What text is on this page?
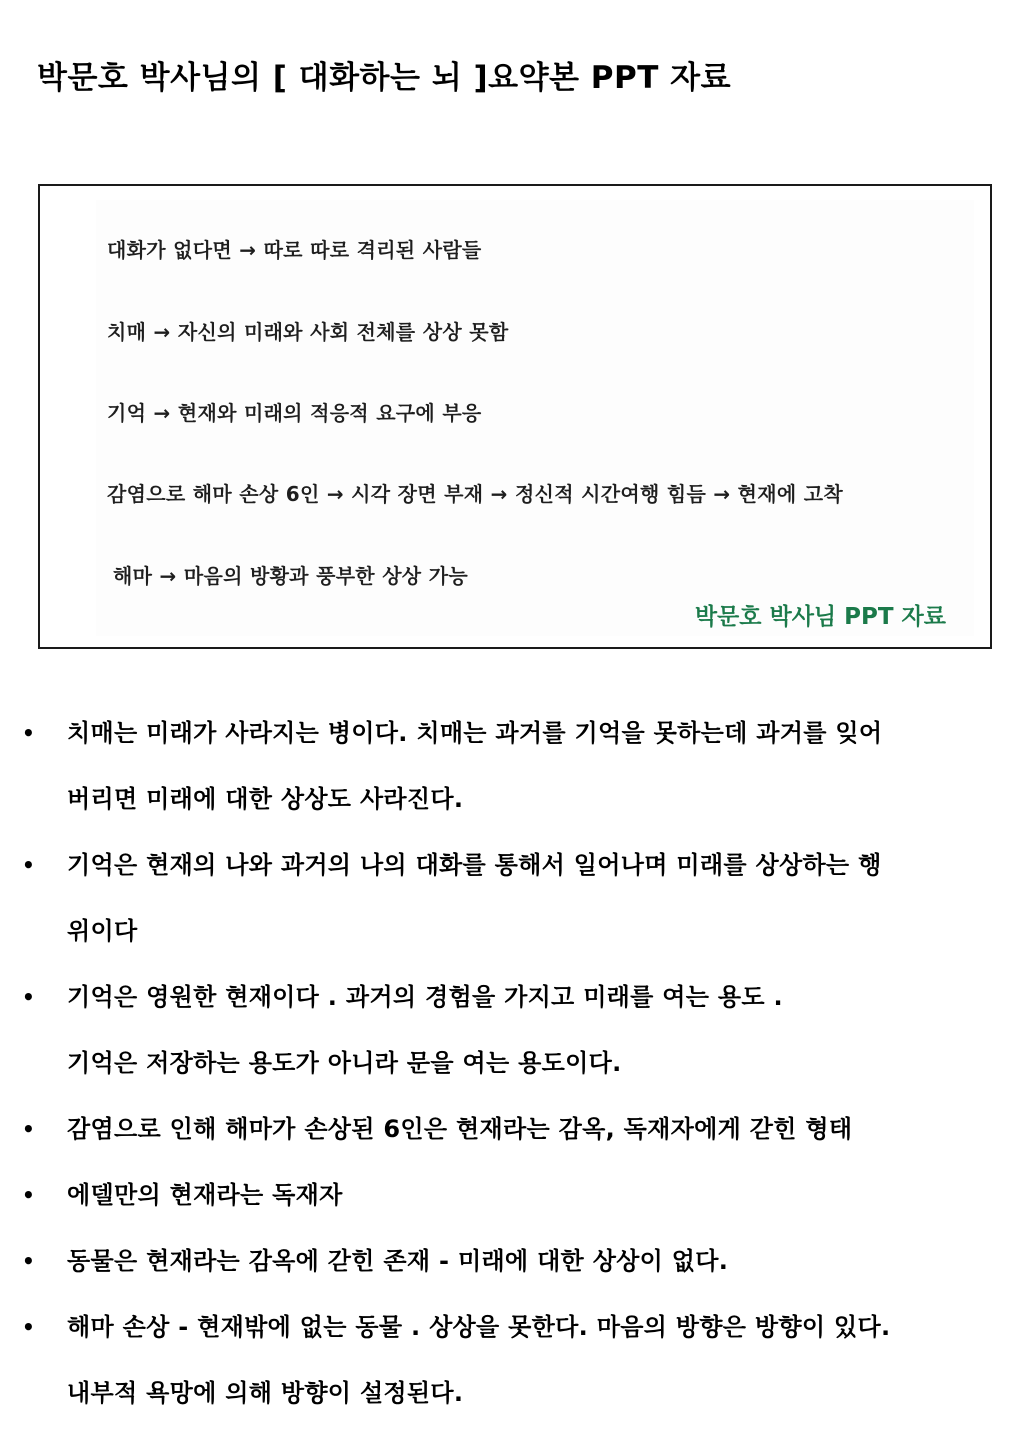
박문호 박사님의 [ 대화하는 뇌 ]요약본 PPT 자료
대화가 없다면 → 따로 따로 격리된 사람들
치매 → 자신의 미래와 사회 전체를 상상 못함
기억 → 현재와 미래의 적응적 요구에 부응
감염으로 해마 손상 6인 → 시각 장면 부재 → 정신적 시간여행 힘듬 → 현재에 고착
해마 → 마음의 방황과 풍부한 상상 가능
박문호 박사님 PPT 자료
• 치매는 미래가 사라지는 병이다. 치매는 과거를 기억을 못하는데 과거를 잊어
버리면 미래에 대한 상상도 사라진다.
• 기억은 현재의 나와 과거의 나의 대화를 통해서 일어나며 미래를 상상하는 행
위이다
• 기억은 영원한 현재이다 . 과거의 경험을 가지고 미래를 여는 용도 .
기억은 저장하는 용도가 아니라 문을 여는 용도이다.
• 감염으로 인해 해마가 손상된 6인은 현재라는 감옥, 독재자에게 갇힌 형태
• 에델만의 현재라는 독재자
• 동물은 현재라는 감옥에 갇힌 존재 - 미래에 대한 상상이 없다.
• 해마 손상 - 현재밖에 없는 동물 . 상상을 못한다. 마음의 방향은 방향이 있다.
내부적 욕망에 의해 방향이 설정된다.
